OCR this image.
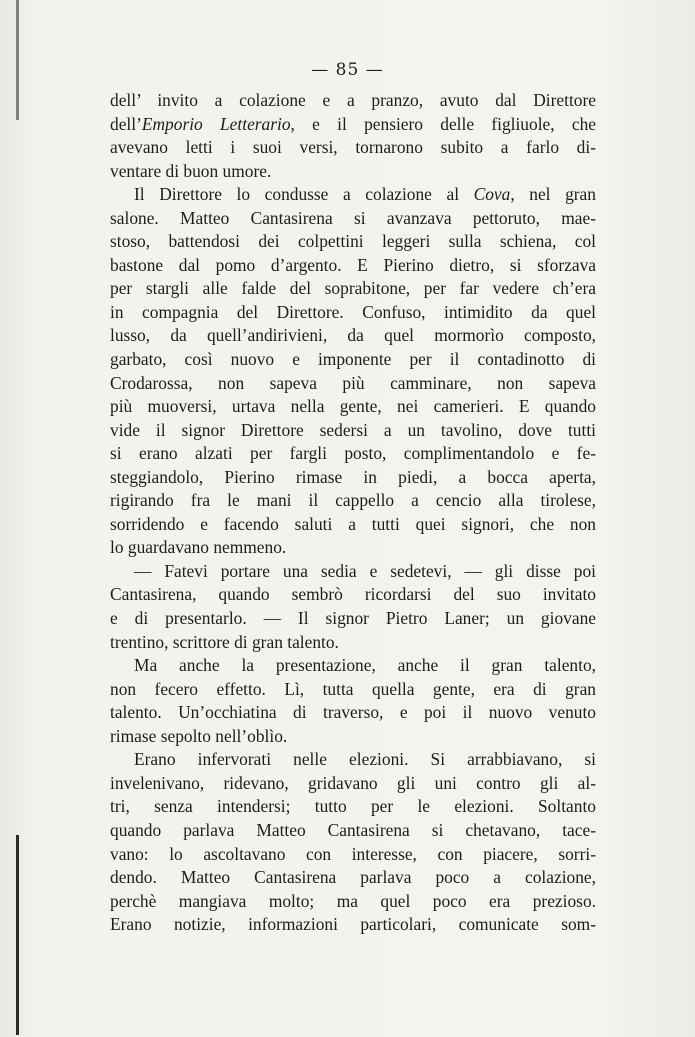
— 85 —
dell’ invito a colazione e a pranzo, avuto dal Direttore
dell’Emporio Letterario, e il pensiero delle figliuole, che
avevano letti i suoi versi, tornarono subito a farlo di-
ventare di buon umore.
Il Direttore lo condusse a colazione al Cova, nel gran
salone. Matteo Cantasirena si avanzava pettoruto, mae-
stoso, battendosi dei colpettini leggeri sulla schiena, col
bastone dal pomo d’argento. E Pierino dietro, si sforzava
per stargli alle falde del soprabitone, per far vedere ch’era
in compagnia del Direttore. Confuso, intimidito da quel
lusso, da quell’andirivieni, da quel mormorìo composto,
garbato, così nuovo e imponente per il contadinotto di
Crodarossa, non sapeva più camminare, non sapeva
più muoversi, urtava nella gente, nei camerieri. E quando
vide il signor Direttore sedersi a un tavolino, dove tutti
si erano alzati per fargli posto, complimentandolo e fe-
steggiandolo, Pierino rimase in piedi, a bocca aperta,
rigirando fra le mani il cappello a cencio alla tirolese,
sorridendo e facendo saluti a tutti quei signori, che non
lo guardavano nemmeno.
— Fatevi portare una sedia e sedetevi, — gli disse poi
Cantasirena, quando sembrò ricordarsi del suo invitato
e di presentarlo. — Il signor Pietro Laner; un giovane
trentino, scrittore di gran talento.
Ma anche la presentazione, anche il gran talento,
non fecero effetto. Lì, tutta quella gente, era di gran
talento. Un’occhiatina di traverso, e poi il nuovo venuto
rimase sepolto nell’oblìo.
Erano infervorati nelle elezioni. Si arrabbiavano, si
invelenivano, ridevano, gridavano gli uni contro gli al-
tri, senza intendersi; tutto per le elezioni. Soltanto
quando parlava Matteo Cantasirena si chetavano, tace-
vano: lo ascoltavano con interesse, con piacere, sorri-
dendo. Matteo Cantasirena parlava poco a colazione,
perchè mangiava molto; ma quel poco era prezioso.
Erano notizie, informazioni particolari, comunicate som-
